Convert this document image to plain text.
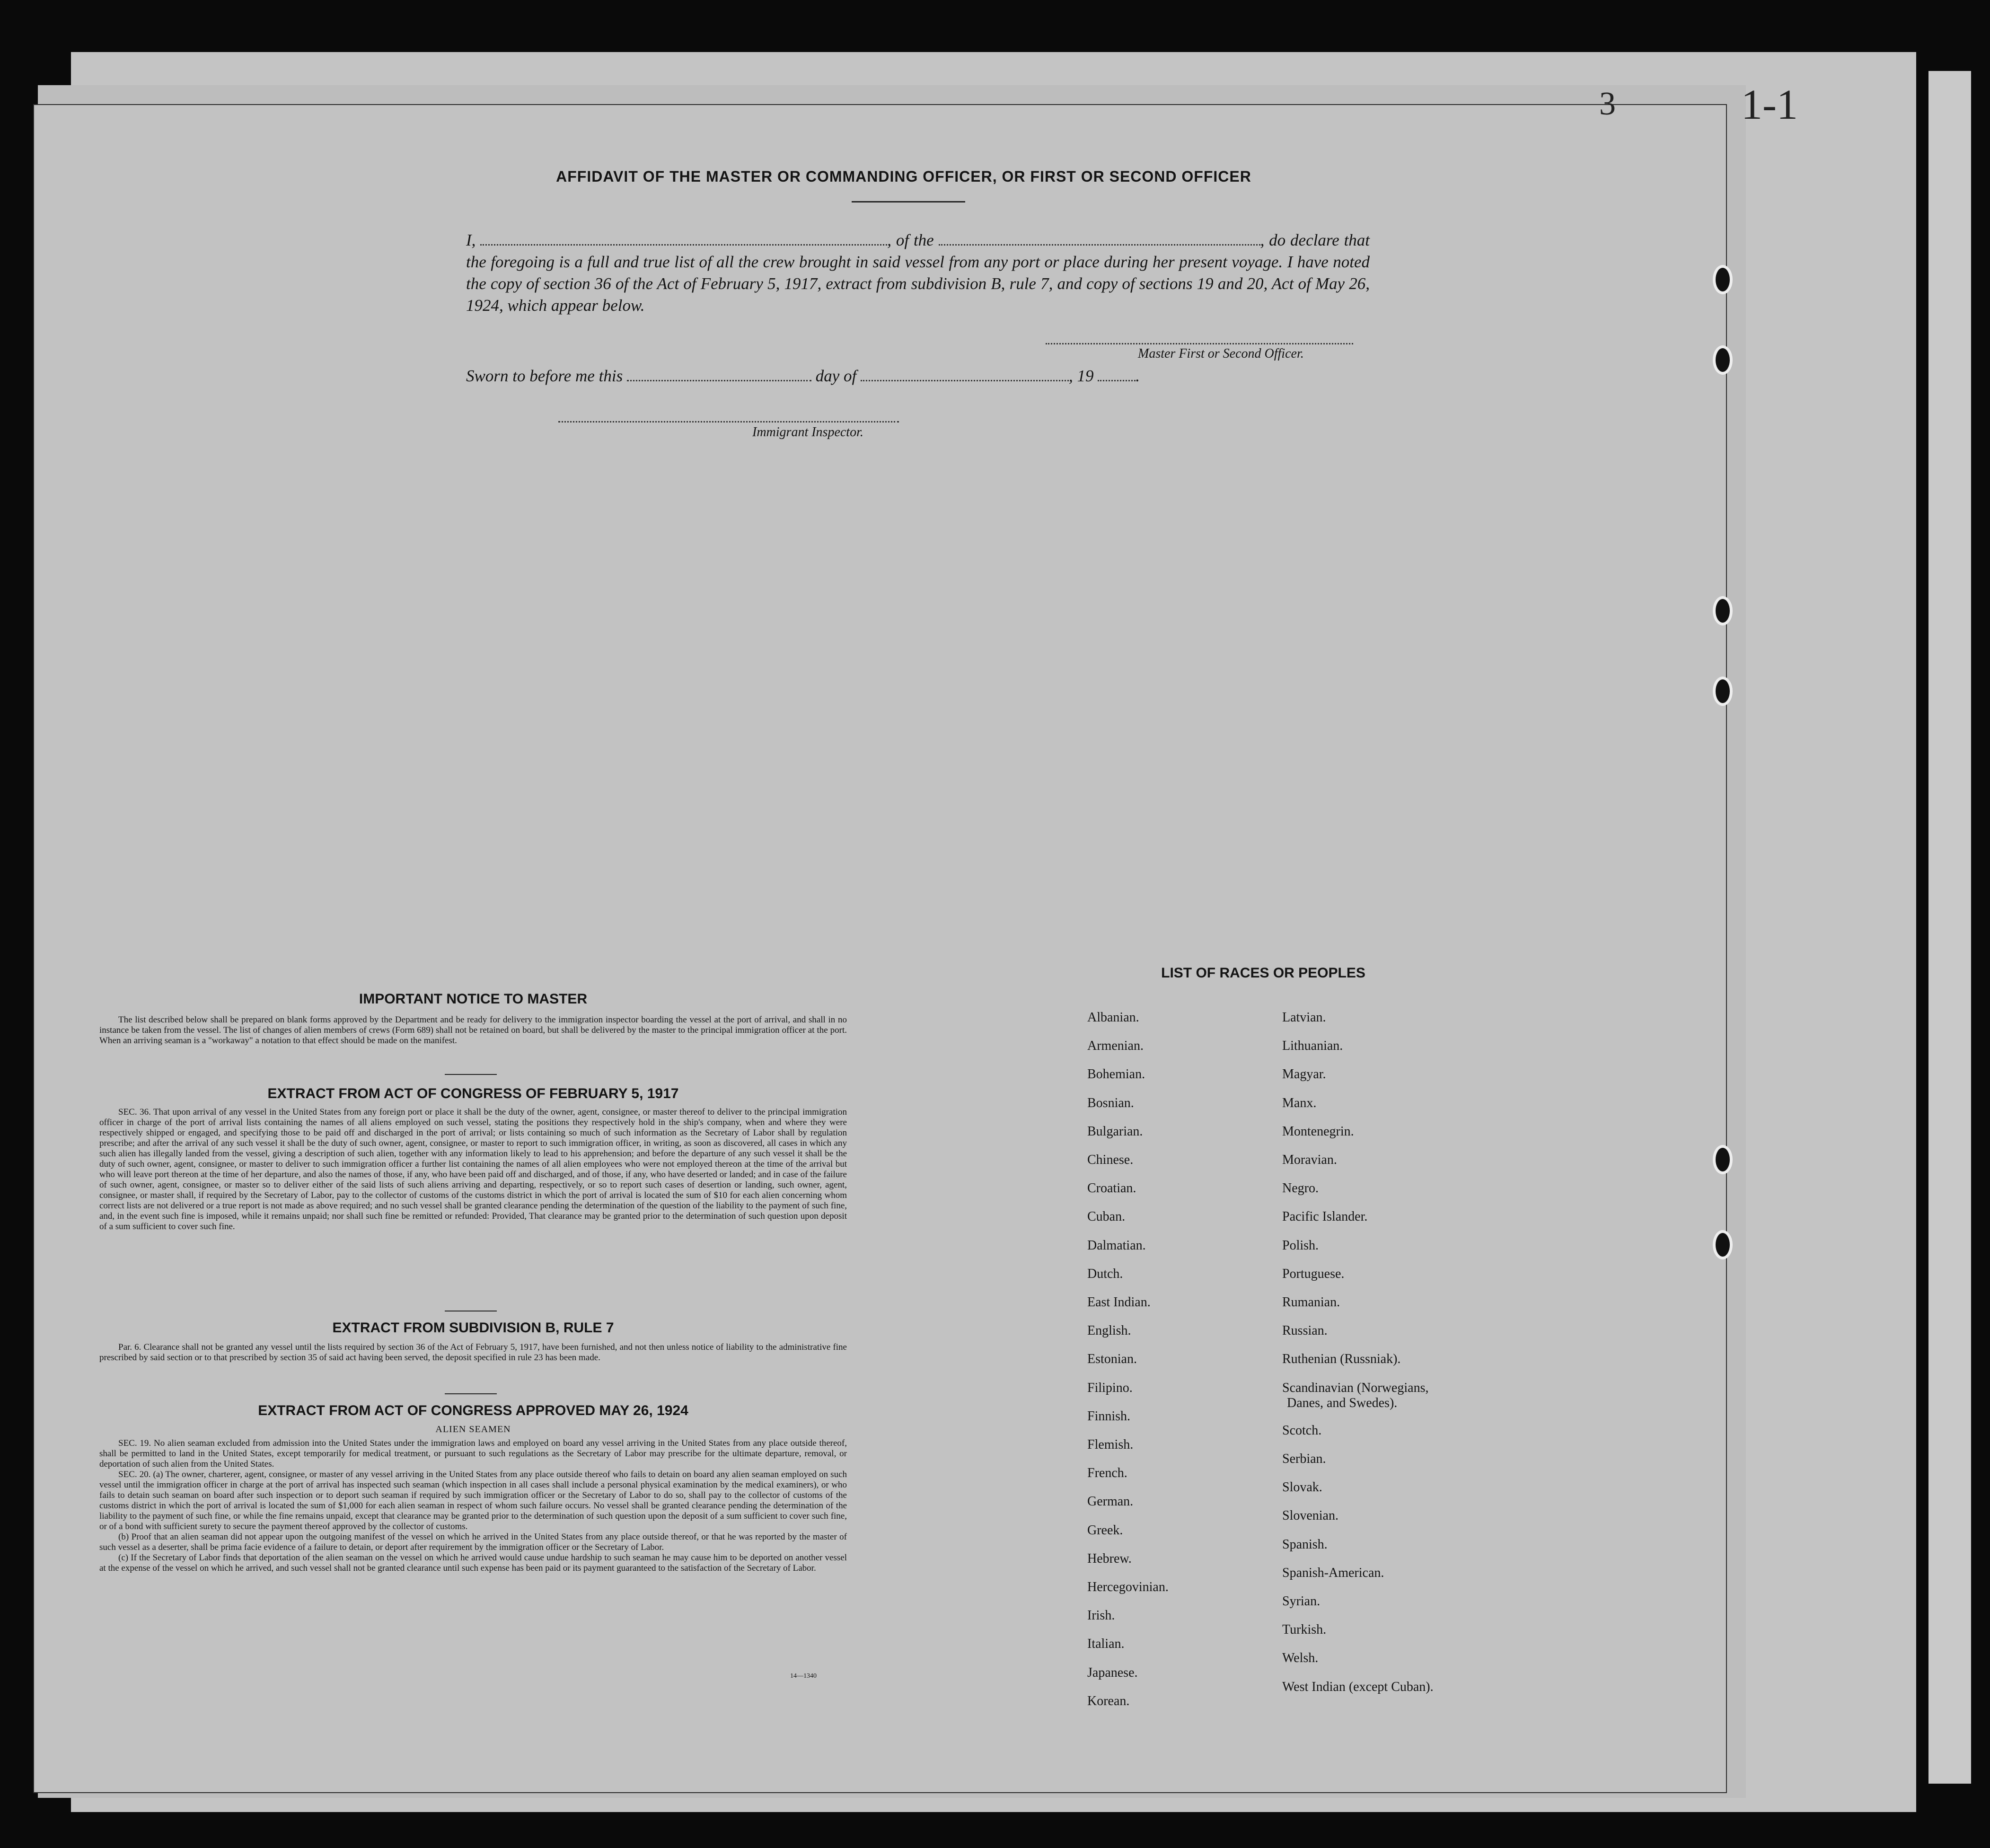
1-1
3
AFFIDAVIT OF THE MASTER OR COMMANDING OFFICER, OR FIRST OR SECOND OFFICER
I,	, of the	, do declare that the foregoing is a full and true list of all the crew brought in said vessel from any port or place during her present voyage. I have noted the copy of section 36 of the Act of February 5, 1917, extract from subdivision B, rule 7, and copy of sections 19 and 20, Act of May 26, 1924, which appear below.
Master First or Second Officer.
Sworn to before me this	day of	, 19	.
Immigrant Inspector.
IMPORTANT NOTICE TO MASTER
The list described below shall be prepared on blank forms approved by the Department and be ready for delivery to the immigration inspector boarding the vessel at the port of arrival, and shall in no instance be taken from the vessel. The list of changes of alien members of crews (Form 689) shall not be retained on board, but shall be delivered by the master to the principal immigration officer at the port. When an arriving seaman is a "workaway" a notation to that effect should be made on the manifest.
EXTRACT FROM ACT OF CONGRESS OF FEBRUARY 5, 1917
SEC. 36. That upon arrival of any vessel in the United States from any foreign port or place it shall be the duty of the owner, agent, consignee, or master thereof to deliver to the principal immigration officer in charge of the port of arrival lists containing the names of all aliens employed on such vessel, stating the positions they respectively hold in the ship's company, when and where they were respectively shipped or engaged, and specifying those to be paid off and discharged in the port of arrival; or lists containing so much of such information as the Secretary of Labor shall by regulation prescribe; and after the arrival of any such vessel it shall be the duty of such owner, agent, consignee, or master to report to such immigration officer, in writing, as soon as discovered, all cases in which any such alien has illegally landed from the vessel, giving a description of such alien, together with any information likely to lead to his apprehension; and before the departure of any such vessel it shall be the duty of such owner, agent, consignee, or master to deliver to such immigration officer a further list containing the names of all alien employees who were not employed thereon at the time of the arrival but who will leave port thereon at the time of her departure, and also the names of those, if any, who have been paid off and discharged, and of those, if any, who have deserted or landed; and in case of the failure of such owner, agent, consignee, or master so to deliver either of the said lists of such aliens arriving and departing, respectively, or so to report such cases of desertion or landing, such owner, agent, consignee, or master shall, if required by the Secretary of Labor, pay to the collector of customs of the customs district in which the port of arrival is located the sum of $10 for each alien concerning whom correct lists are not delivered or a true report is not made as above required; and no such vessel shall be granted clearance pending the determination of the question of the liability to the payment of such fine, and, in the event such fine is imposed, while it remains unpaid; nor shall such fine be remitted or refunded: Provided, That clearance may be granted prior to the determination of such question upon deposit of a sum sufficient to cover such fine.
EXTRACT FROM SUBDIVISION B, RULE 7
Par. 6. Clearance shall not be granted any vessel until the lists required by section 36 of the Act of February 5, 1917, have been furnished, and not then unless notice of liability to the administrative fine prescribed by said section or to that prescribed by section 35 of said act having been served, the deposit specified in rule 23 has been made.
EXTRACT FROM ACT OF CONGRESS APPROVED MAY 26, 1924
ALIEN SEAMEN

SEC. 19. No alien seaman excluded from admission into the United States under the immigration laws and employed on board any vessel arriving in the United States from any place outside thereof, shall be permitted to land in the United States, except temporarily for medical treatment, or pursuant to such regulations as the Secretary of Labor may prescribe for the ultimate departure, removal, or deportation of such alien from the United States.

SEC. 20. (a) The owner, charterer, agent, consignee, or master of any vessel arriving in the United States from any place outside thereof who fails to detain on board any alien seaman employed on such vessel until the immigration officer in charge at the port of arrival has inspected such seaman (which inspection in all cases shall include a personal physical examination by the medical examiners), or who fails to detain such seaman on board after such inspection or to deport such seaman if required by such immigration officer or the Secretary of Labor to do so, shall pay to the collector of customs of the customs district in which the port of arrival is located the sum of $1,000 for each alien seaman in respect of whom such failure occurs. No vessel shall be granted clearance pending the determination of the liability to the payment of such fine, or while the fine remains unpaid, except that clearance may be granted prior to the determination of such question upon the deposit of a sum sufficient to cover such fine, or of a bond with sufficient surety to secure the payment thereof approved by the collector of customs.

(b) Proof that an alien seaman did not appear upon the outgoing manifest of the vessel on which he arrived in the United States from any place outside thereof, or that he was reported by the master of such vessel as a deserter, shall be prima facie evidence of a failure to detain, or deport after requirement by the immigration officer or the Secretary of Labor.

(c) If the Secretary of Labor finds that deportation of the alien seaman on the vessel on which he arrived would cause undue hardship to such seaman he may cause him to be deported on another vessel at the expense of the vessel on which he arrived, and such vessel shall not be granted clearance until such expense has been paid or its payment guaranteed to the satisfaction of the Secretary of Labor.

14—1340
LIST OF RACES OR PEOPLES
Albanian.
Armenian.
Bohemian.
Bosnian.
Bulgarian.
Chinese.
Croatian.
Cuban.
Dalmatian.
Dutch.
East Indian.
English.
Estonian.
Filipino.
Finnish.
Flemish.
French.
German.
Greek.
Hebrew.
Hercegovinian.
Irish.
Italian.
Japanese.
Korean.
Latvian.
Lithuanian.
Magyar.
Manx.
Montenegrin.
Moravian.
Negro.
Pacific Islander.
Polish.
Portuguese.
Rumanian.
Russian.
Ruthenian (Russniak).
Scandinavian (Norwegians,
Danes, and Swedes).
Scotch.
Serbian.
Slovak.
Slovenian.
Spanish.
Spanish-American.
Syrian.
Turkish.
Welsh.
West Indian (except Cuban).
